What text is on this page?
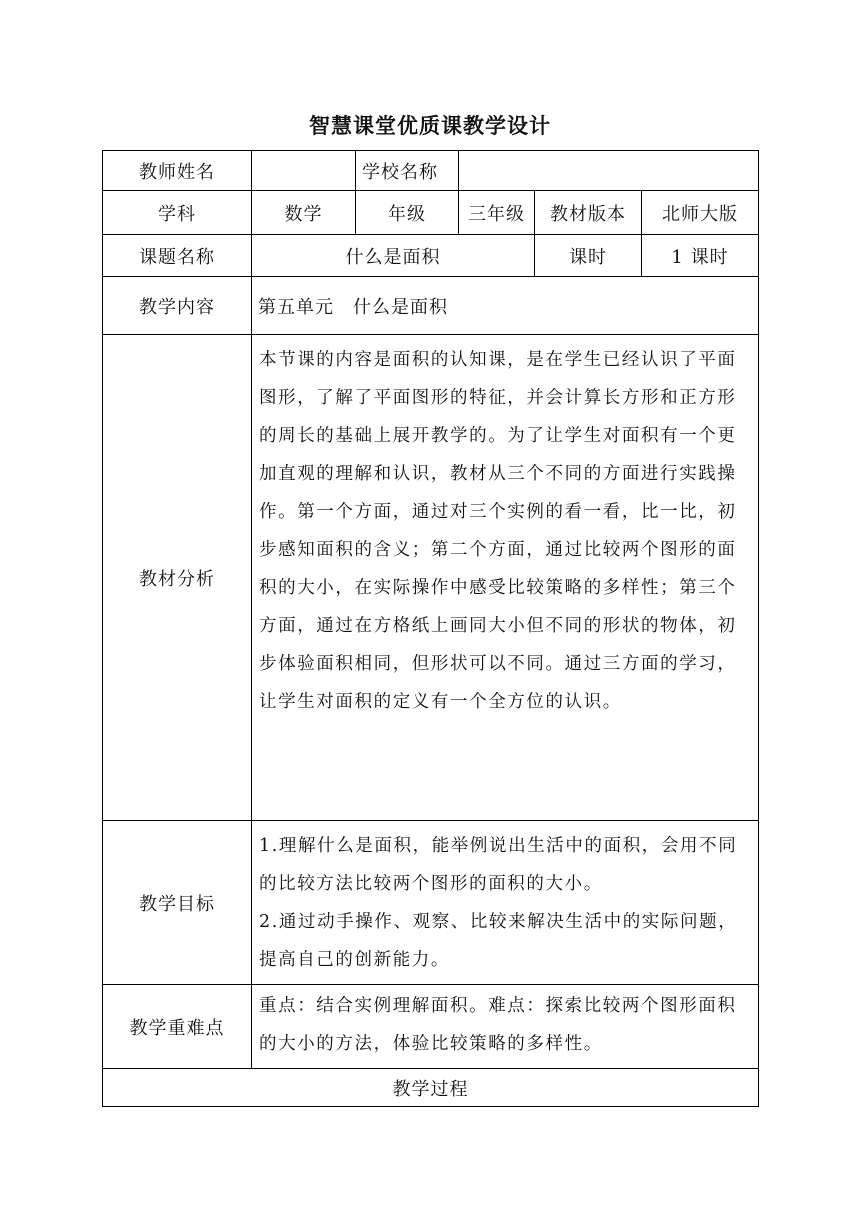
智慧课堂优质课教学设计
教师姓名		学校名称			
学科	数学	年级	三年级	教材版本	北师大版
课题名称	什么是面积			课时	1 课时
教学内容	第五单元　什么是面积				
教材分析	本节课的内容是面积的认知课，是在学生已经认识了平面图形，了解了平面图形的特征，并会计算长方形和正方形的周长的基础上展开教学的。为了让学生对面积有一个更加直观的理解和认识，教材从三个不同的方面进行实践操作。第一个方面，通过对三个实例的看一看，比一比，初步感知面积的含义；第二个方面，通过比较两个图形的面积的大小，在实际操作中感受比较策略的多样性；第三个方面，通过在方格纸上画同大小但不同的形状的物体，初步体验面积相同，但形状可以不同。通过三方面的学习，让学生对面积的定义有一个全方位的认识。				
教学目标	1.理解什么是面积，能举例说出生活中的面积，会用不同的比较方法比较两个图形的面积的大小。
2.通过动手操作、观察、比较来解决生活中的实际问题，提高自己的创新能力。				

教学重难点	重点：结合实例理解面积。难点：探索比较两个图形面积的大小的方法，体验比较策略的多样性。				
教学过程					
